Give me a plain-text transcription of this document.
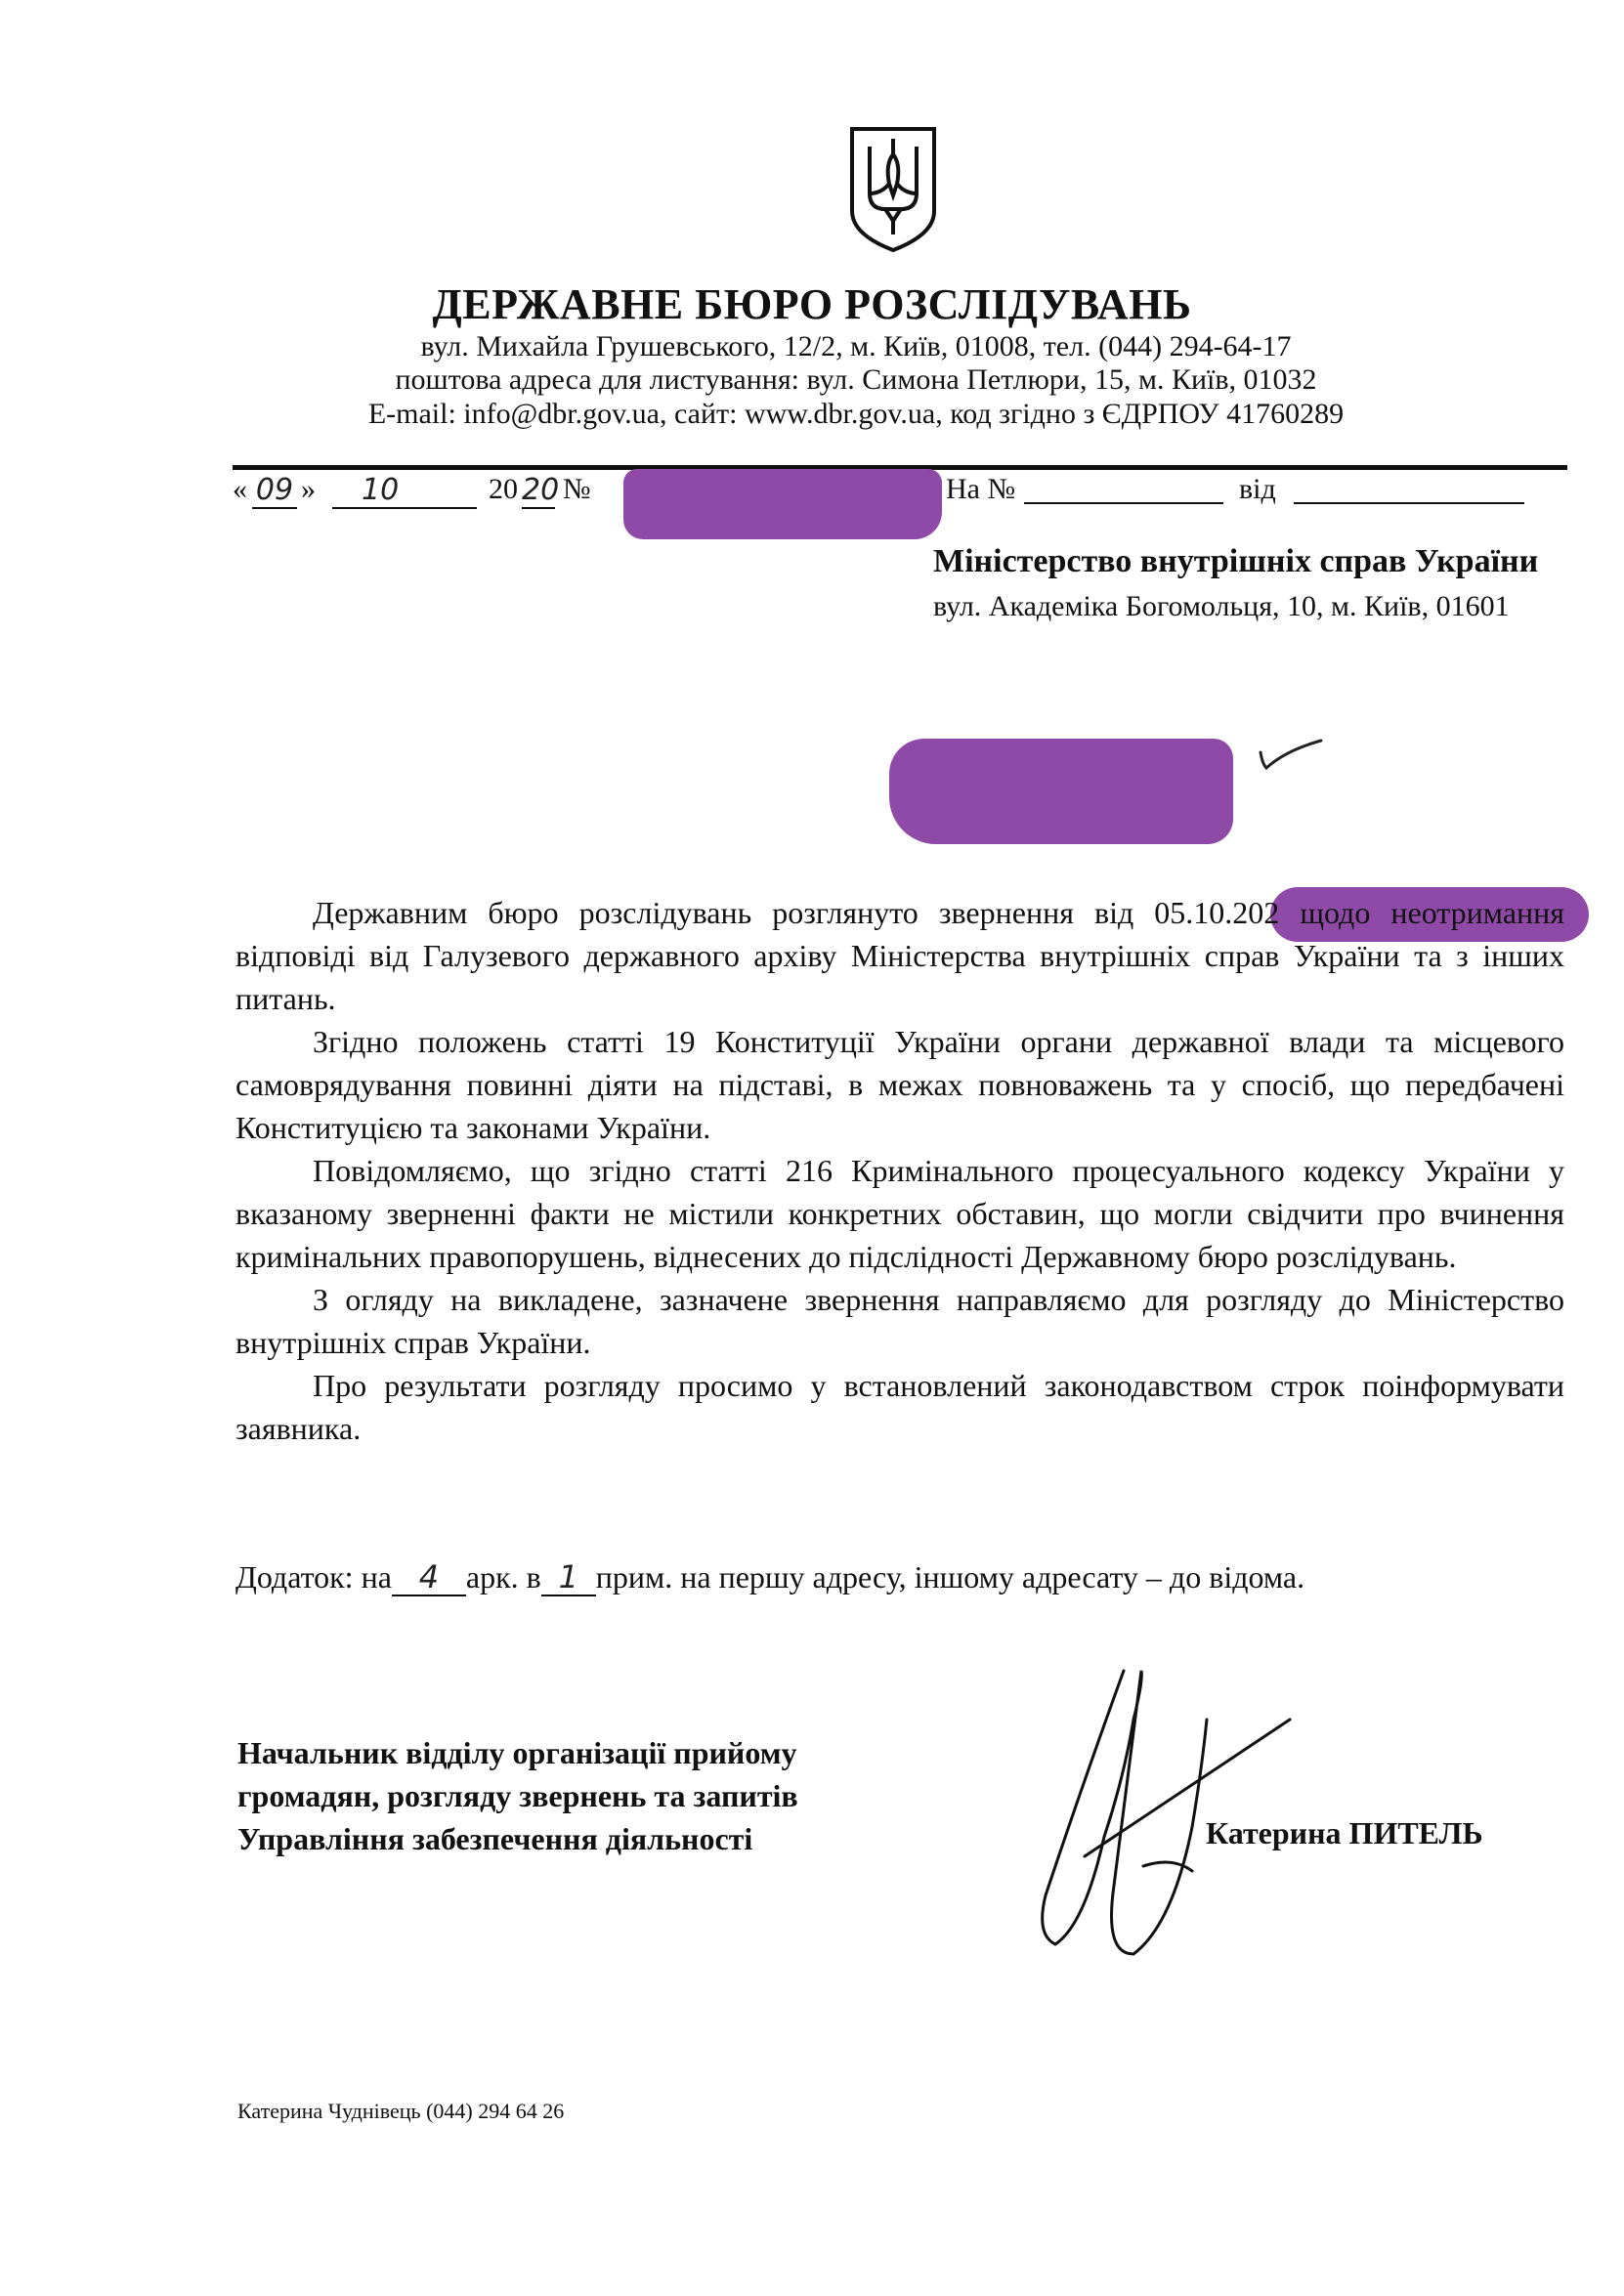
ДЕРЖАВНЕ БЮРО РОЗСЛІДУВАНЬ
вул. Михайла Грушевського, 12/2, м. Київ, 01008, тел. (044) 294-64-17
поштова адреса для листування: вул. Симона Петлюри, 15, м. Київ, 01032
E-mail: info@dbr.gov.ua, сайт: www.dbr.gov.ua, код згідно з ЄДРПОУ 41760289
« 09 »	10	20 20 №	На №	від
Міністерство внутрішніх справ України
вул. Академіка Богомольця, 10, м. Київ, 01601

Державним бюро розслідувань розглянуто звернення від 05.10.202 щодо неотримання відповіді від Галузевого державного архіву Міністерства внутрішніх справ України та з інших питань.

Згідно положень статті 19 Конституції України органи державної влади та місцевого самоврядування повинні діяти на підставі, в межах повноважень та у спосіб, що передбачені Конституцією та законами України.

Повідомляємо, що згідно статті 216 Кримінального процесуального кодексу України у вказаному зверненні факти не містили конкретних обставин, що могли свідчити про вчинення кримінальних правопорушень, віднесених до підслідності Державному бюро розслідувань.

З огляду на викладене, зазначене звернення направляємо для розгляду до Міністерство внутрішніх справ України.

Про результати розгляду просимо у встановлений законодавством строк поінформувати заявника.

Додаток: на 4 арк. в 1 прим. на першу адресу, іншому адресату – до відома.
Начальник відділу організації прийому
громадян, розгляду звернень та запитів
Управління забезпечення діяльності	Катерина ПИТЕЛЬ
Катерина Чуднівець (044) 294 64 26
